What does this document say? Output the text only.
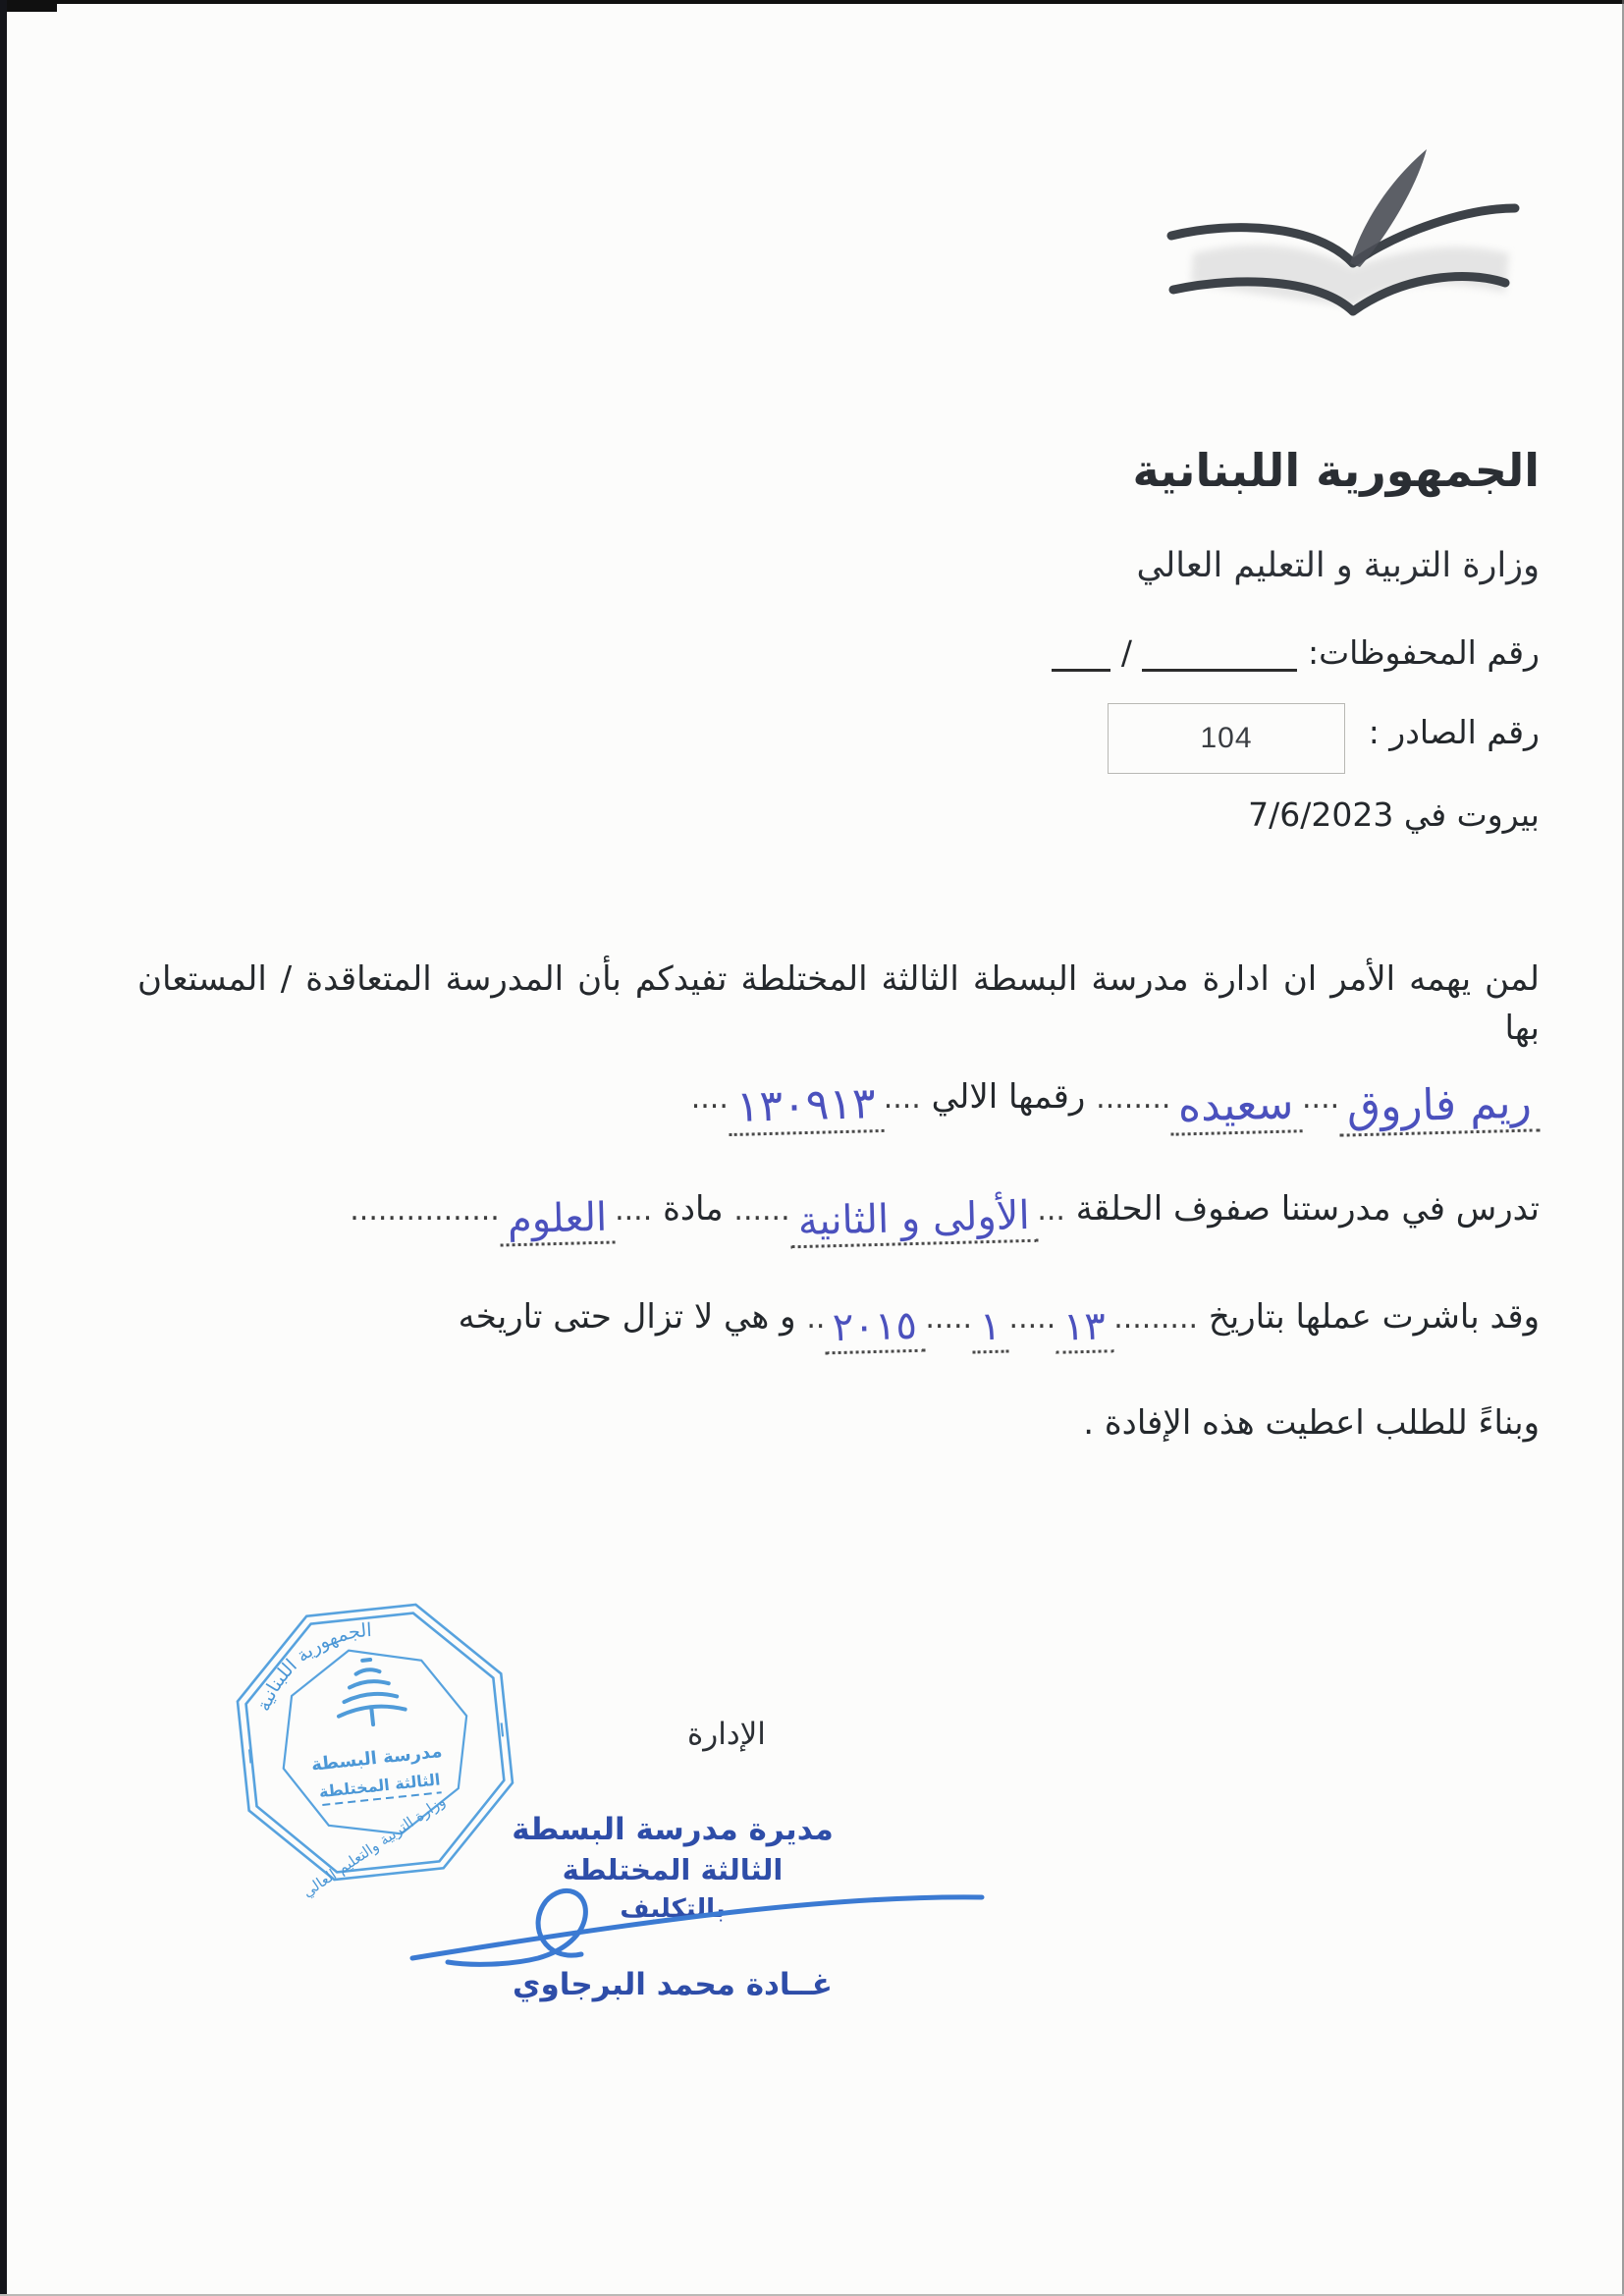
الجمهورية اللبنانية
وزارة التربية و التعليم العالي
رقم المحفوظات:  /
رقم الصادر :
104
بيروت في 7/6/2023
لمن يهمه الأمر ان ادارة مدرسة البسطة الثالثة المختلطة تفيدكم بأن المدرسة المتعاقدة / المستعان بها
ريم فاروق....سعيده........ رقمها الالي ....١٣٠٩١٣....
تدرس في مدرستنا صفوف الحلقة ...الأولى و الثانية...... مادة ....العلوم................
وقد باشرت عملها بتاريخ .........١٣.....١.....٢٠١٥.. و هي لا تزال حتى تاريخه
وبناءً للطلب اعطيت هذه الإفادة .
مدرسة البسطة
الثالثة المختلطة
الجمهورية اللبنانية
وزارة التربية والتعليم العالي
الإدارة
مديرة مدرسة البسطة
الثالثة المختلطة
بالتكليف
غــادة محمد البرجاوي
